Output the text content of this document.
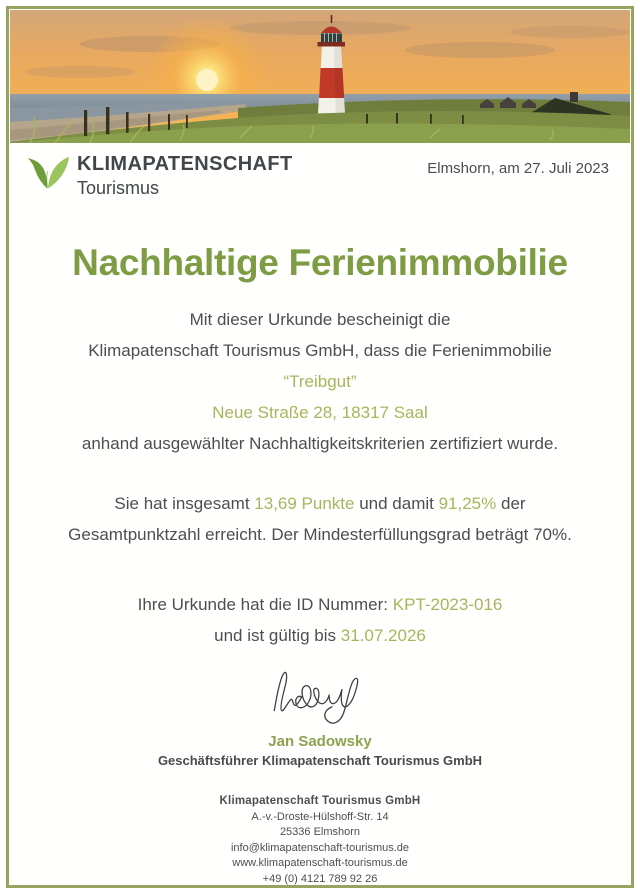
KLIMAPATENSCHAFT
Tourismus
Elmshorn, am 27. Juli 2023
Nachhaltige Ferienimmobilie
Mit dieser Urkunde bescheinigt die
Klimapatenschaft Tourismus GmbH, dass die Ferienimmobilie
“Treibgut”
Neue Straße 28, 18317 Saal
anhand ausgewählter Nachhaltigkeitskriterien zertifiziert wurde.
Sie hat insgesamt 13,69 Punkte und damit 91,25% der
Gesamtpunktzahl erreicht. Der Mindesterfüllungsgrad beträgt 70%.
Ihre Urkunde hat die ID Nummer: KPT-2023-016
und ist gültig bis 31.07.2026
Jan Sadowsky
Geschäftsführer Klimapatenschaft Tourismus GmbH
Klimapatenschaft Tourismus GmbH
A.-v.-Droste-Hülshoff-Str. 14
25336 Elmshorn
info@klimapatenschaft-tourismus.de
www.klimapatenschaft-tourismus.de
+49 (0) 4121 789 92 26
